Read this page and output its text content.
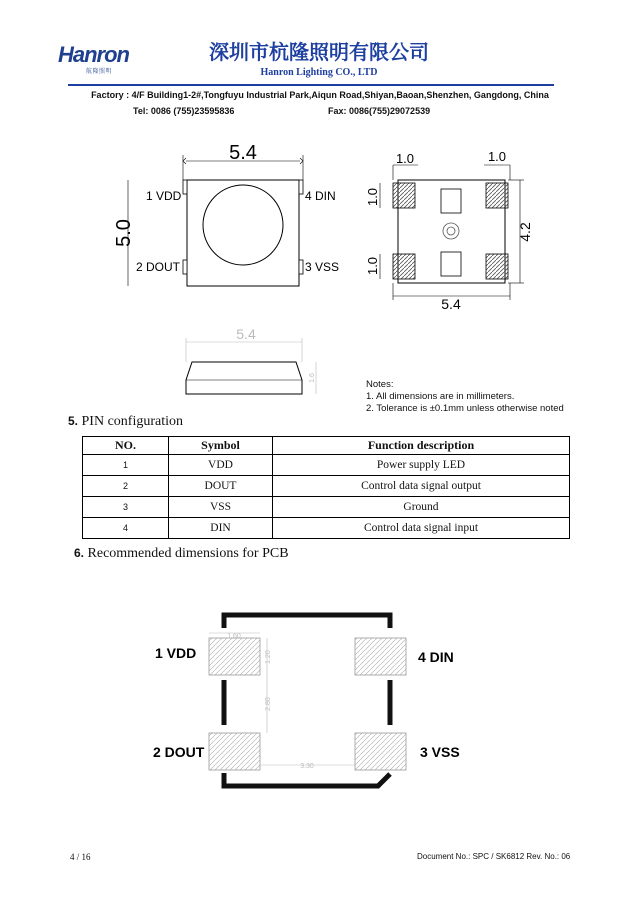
Hanron
航隆照明
深圳市杭隆照明有限公司
Hanron Lighting CO., LTD
Factory : 4/F Building1-2#,Tongfuyu Industrial Park,Aiqun Road,Shiyan,Baoan,Shenzhen, Gangdong, China
Tel: 0086 (755)23595836	Fax: 0086(755)29072539
5.4
5.0
1 VDD
2 DOUT	3 VSS
4 DIN
1.0	1.0
1.0
1.0
4.2
5.4
5.4
1.6
Notes:
1. All dimensions are in millimeters.
2. Tolerance is ±0.1mm unless otherwise noted
5. PIN configuration
NO.	Symbol	Function description
1	VDD	Power supply LED
2	DOUT	Control data signal output
3	VSS	Ground
4	DIN	Control data signal input
6. Recommended dimensions for PCB
1.60
1.20
2.80
3.30
1 VDD
2 DOUT	3 VSS
4 DIN
4 / 16	Document No.: SPC / SK6812 Rev. No.: 06
